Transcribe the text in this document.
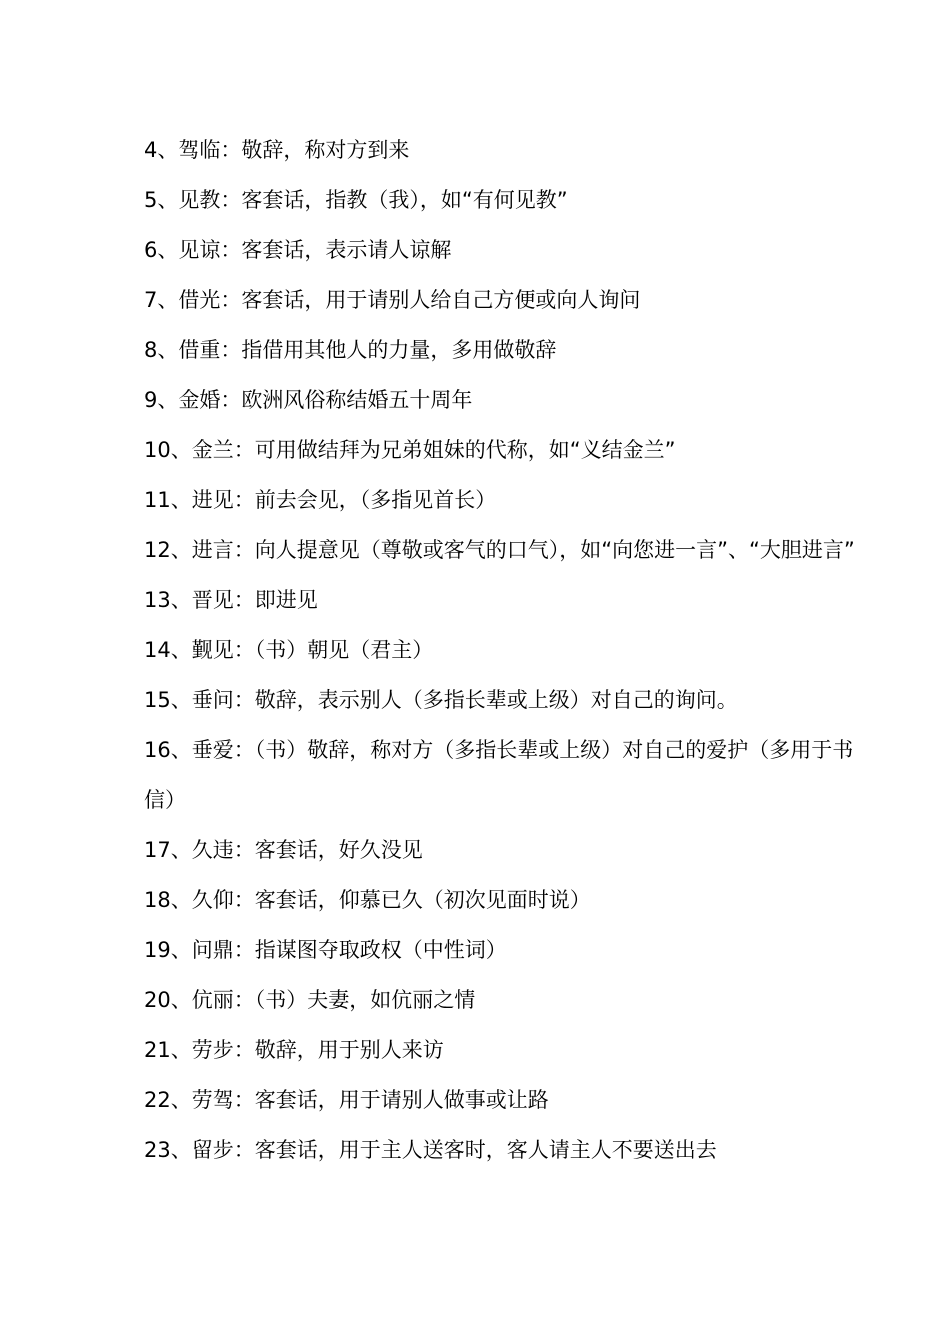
4、驾临：敬辞，称对方到来
5、见教：客套话，指教（我），如“有何见教”
6、见谅：客套话，表示请人谅解
7、借光：客套话，用于请别人给自己方便或向人询问
8、借重：指借用其他人的力量，多用做敬辞
9、金婚：欧洲风俗称结婚五十周年
10、金兰：可用做结拜为兄弟姐妹的代称，如“义结金兰”
11、进见：前去会见，（多指见首长）
12、进言：向人提意见（尊敬或客气的口气），如“向您进一言”、“大胆进言”
13、晋见：即进见
14、觐见：（书）朝见（君主）
15、垂问：敬辞，表示别人（多指长辈或上级）对自己的询问。
16、垂爱：（书）敬辞，称对方（多指长辈或上级）对自己的爱护（多用于书信）
17、久违：客套话，好久没见
18、久仰：客套话，仰慕已久（初次见面时说）
19、问鼎：指谋图夺取政权（中性词）
20、伉丽：（书）夫妻，如伉丽之情
21、劳步：敬辞，用于别人来访
22、劳驾：客套话，用于请别人做事或让路
23、留步：客套话，用于主人送客时，客人请主人不要送出去
